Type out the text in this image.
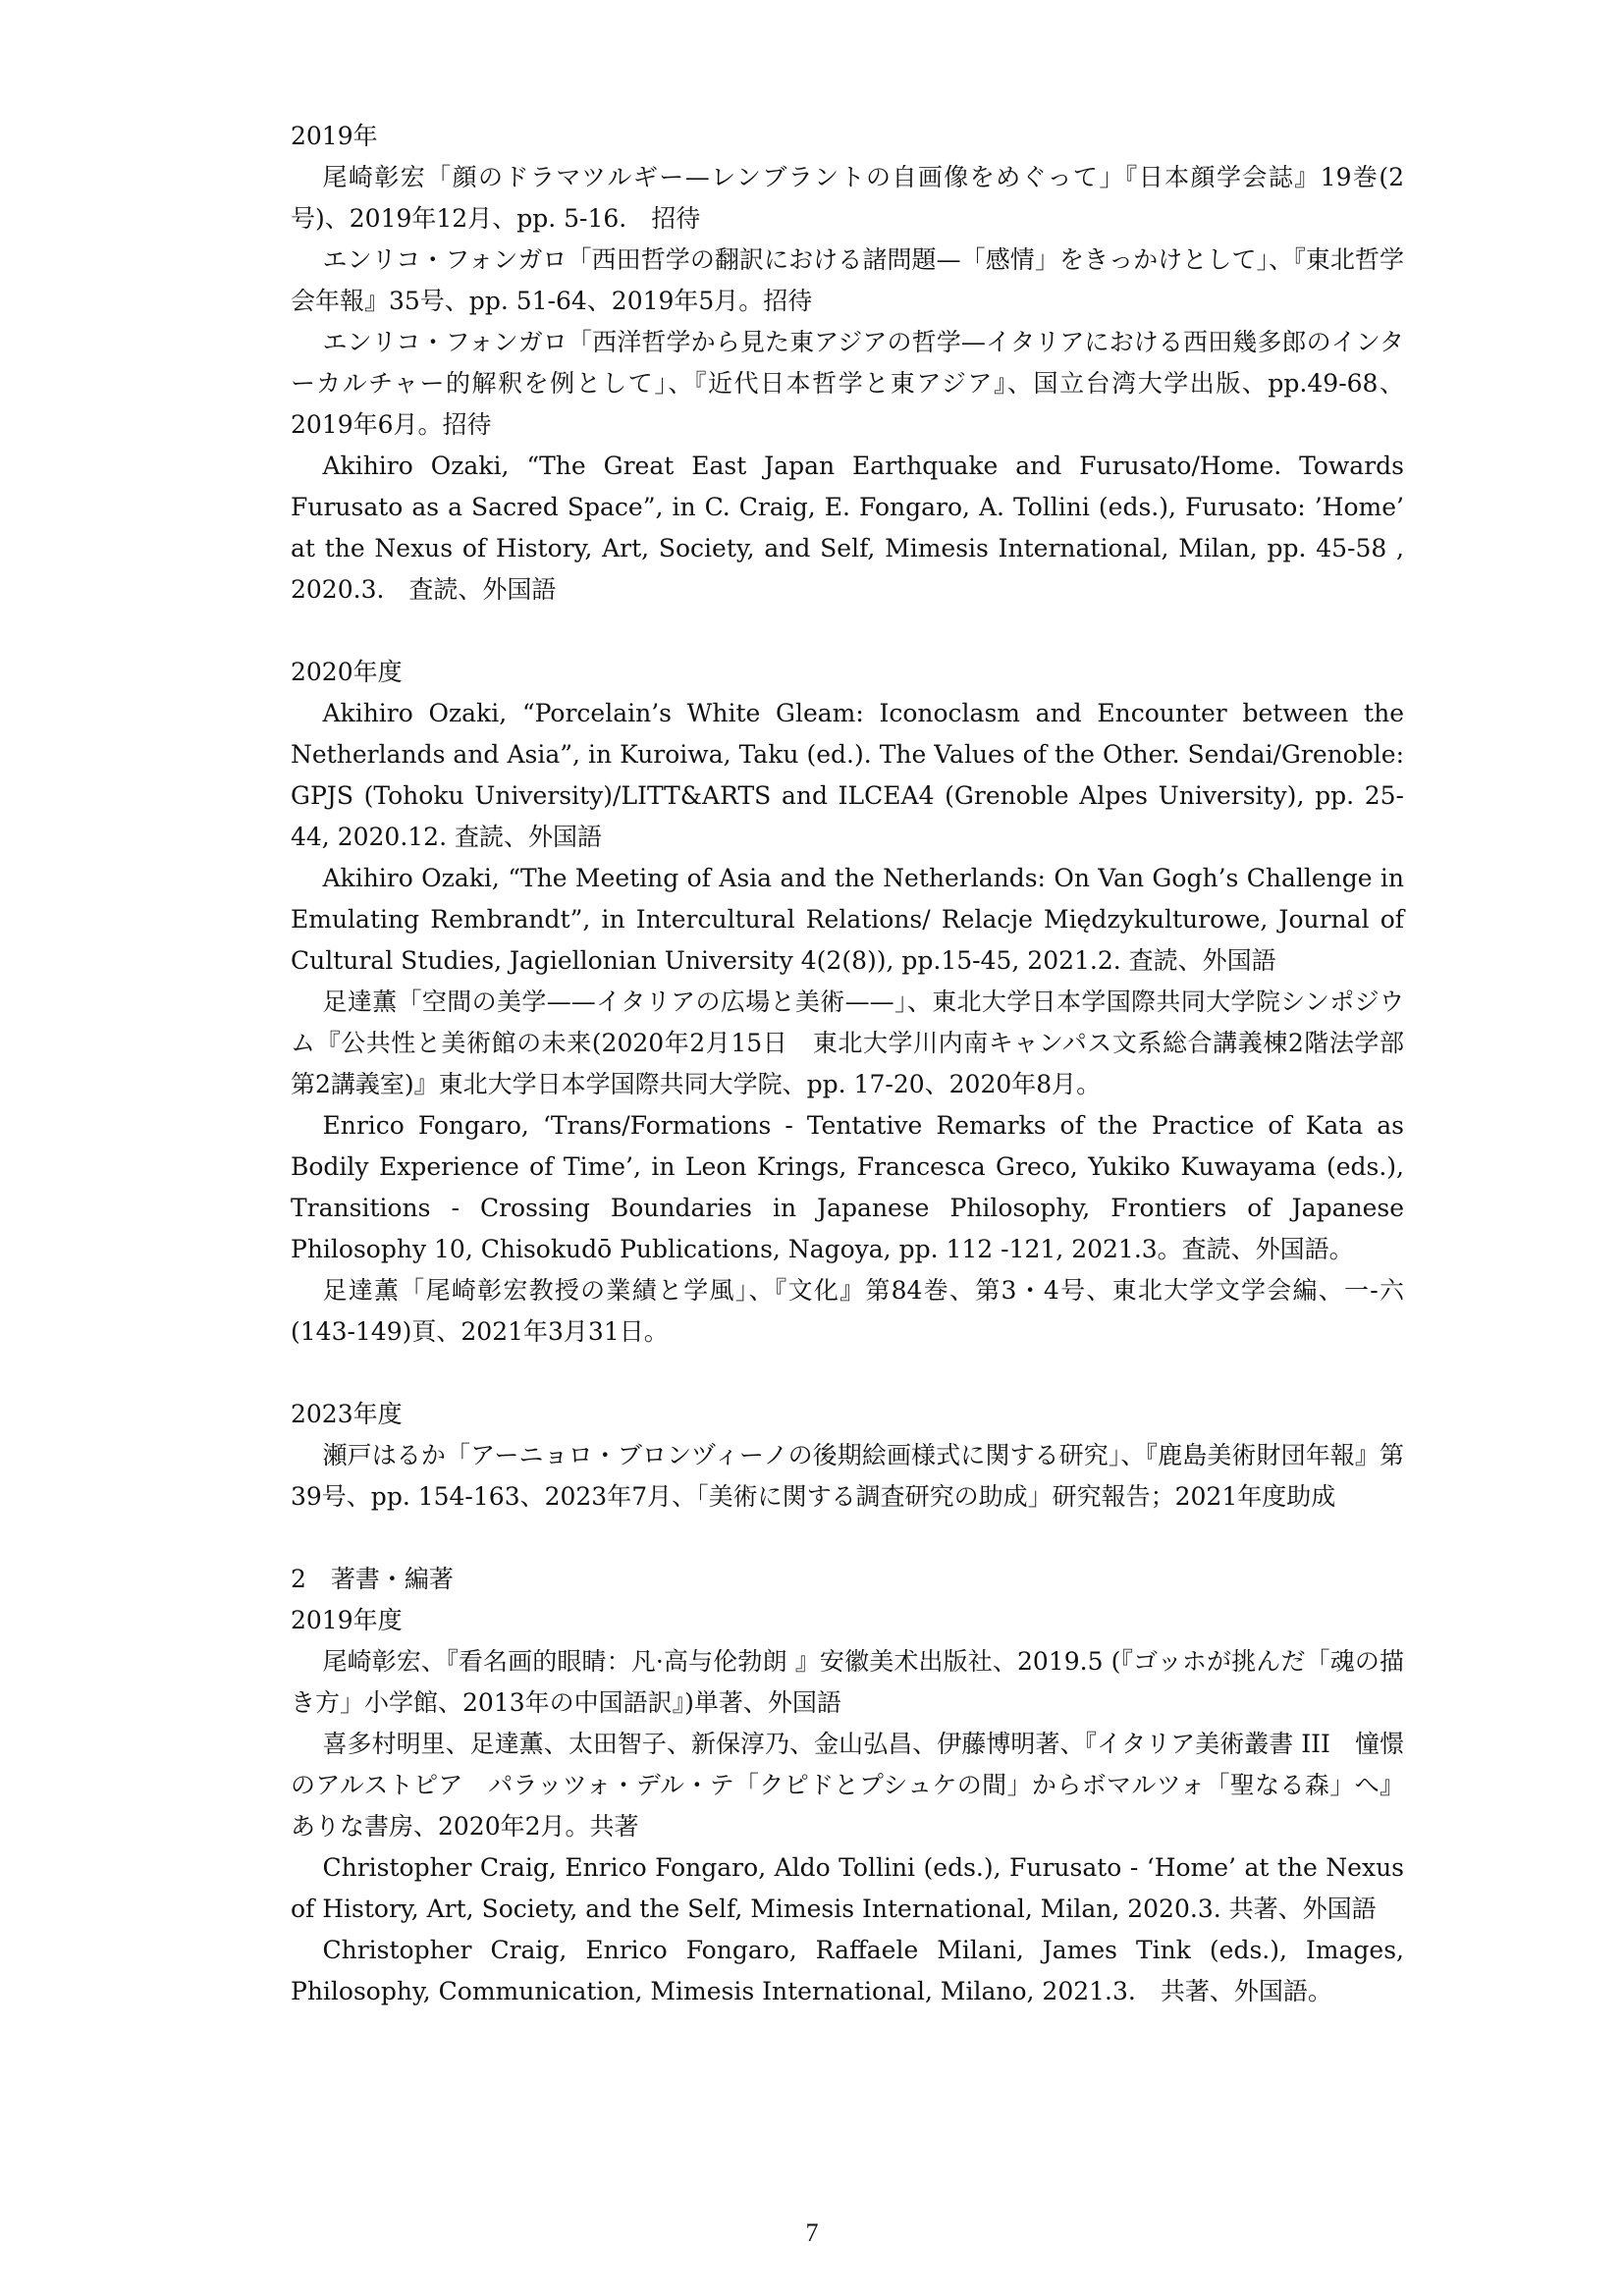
2019年

尾崎彰宏「顔のドラマツルギー—レンブラントの自画像をめぐって」『日本顔学会誌』19巻(2号)、2019年12月、pp. 5-16.　招待

エンリコ・フォンガロ「西田哲学の翻訳における諸問題—「感情」をきっかけとして」、『東北哲学会年報』35号、pp. 51-64、2019年5月。招待

エンリコ・フォンガロ「西洋哲学から見た東アジアの哲学—イタリアにおける西田幾多郎のインターカルチャー的解釈を例として」、『近代日本哲学と東アジア』、国立台湾大学出版、pp.49-68、2019年6月。招待

Akihiro Ozaki, “The Great East Japan Earthquake and Furusato/Home. Towards Furusato as a Sacred Space”, in C. Craig, E. Fongaro, A. Tollini (eds.), Furusato: ’Home’ at the Nexus of History, Art, Society, and Self, Mimesis International, Milan, pp. 45-58 , 2020.3.　査読、外国語

2020年度

Akihiro Ozaki, “Porcelain’s White Gleam: Iconoclasm and Encounter between the Netherlands and Asia”, in Kuroiwa, Taku (ed.). The Values of the Other. Sendai/Grenoble: GPJS (Tohoku University)/LITT&ARTS and ILCEA4 (Grenoble Alpes University), pp. 25-44, 2020.12. 査読、外国語

Akihiro Ozaki, “The Meeting of Asia and the Netherlands: On Van Gogh’s Challenge in Emulating Rembrandt”, in Intercultural Relations/ Relacje Międzykulturowe, Journal of Cultural Studies, Jagiellonian University 4(2(8)), pp.15-45, 2021.2. 査読、外国語

足達薫「空間の美学——イタリアの広場と美術——」、東北大学日本学国際共同大学院シンポジウム『公共性と美術館の未来(2020年2月15日　東北大学川内南キャンパス文系総合講義棟2階法学部第2講義室)』東北大学日本学国際共同大学院、pp. 17-20、2020年8月。

Enrico Fongaro, ‘Trans/Formations - Tentative Remarks of the Practice of Kata as Bodily Experience of Time’, in Leon Krings, Francesca Greco, Yukiko Kuwayama (eds.), Transitions - Crossing Boundaries in Japanese Philosophy, Frontiers of Japanese Philosophy 10, Chisokudō Publications, Nagoya, pp. 112 -121, 2021.3。査読、外国語。

足達薫「尾崎彰宏教授の業績と学風」、『文化』第84巻、第3・4号、東北大学文学会編、一-六(143-149)頁、2021年3月31日。

2023年度

瀬戸はるか「アーニョロ・ブロンヅィーノの後期絵画様式に関する研究」、『鹿島美術財団年報』第39号、pp. 154-163、2023年7月、「美術に関する調査研究の助成」研究報告；2021年度助成

2　著書・編著

2019年度

尾崎彰宏、『看名画的眼睛：凡·高与伦勃朗 』安徽美术出版社、2019.5 (『ゴッホが挑んだ「魂の描き方」小学館、2013年の中国語訳』)単著、外国語

喜多村明里、足達薫、太田智子、新保淳乃、金山弘昌、伊藤博明著、『イタリア美術叢書 III　憧憬のアルストピア　パラッツォ・デル・テ「クピドとプシュケの間」からボマルツォ「聖なる森」へ』ありな書房、2020年2月。共著

Christopher Craig, Enrico Fongaro, Aldo Tollini (eds.), Furusato - ‘Home’ at the Nexus of History, Art, Society, and the Self, Mimesis International, Milan, 2020.3. 共著、外国語

Christopher Craig, Enrico Fongaro, Raffaele Milani, James Tink (eds.), Images, Philosophy, Communication, Mimesis International, Milano, 2021.3.　共著、外国語。

7
